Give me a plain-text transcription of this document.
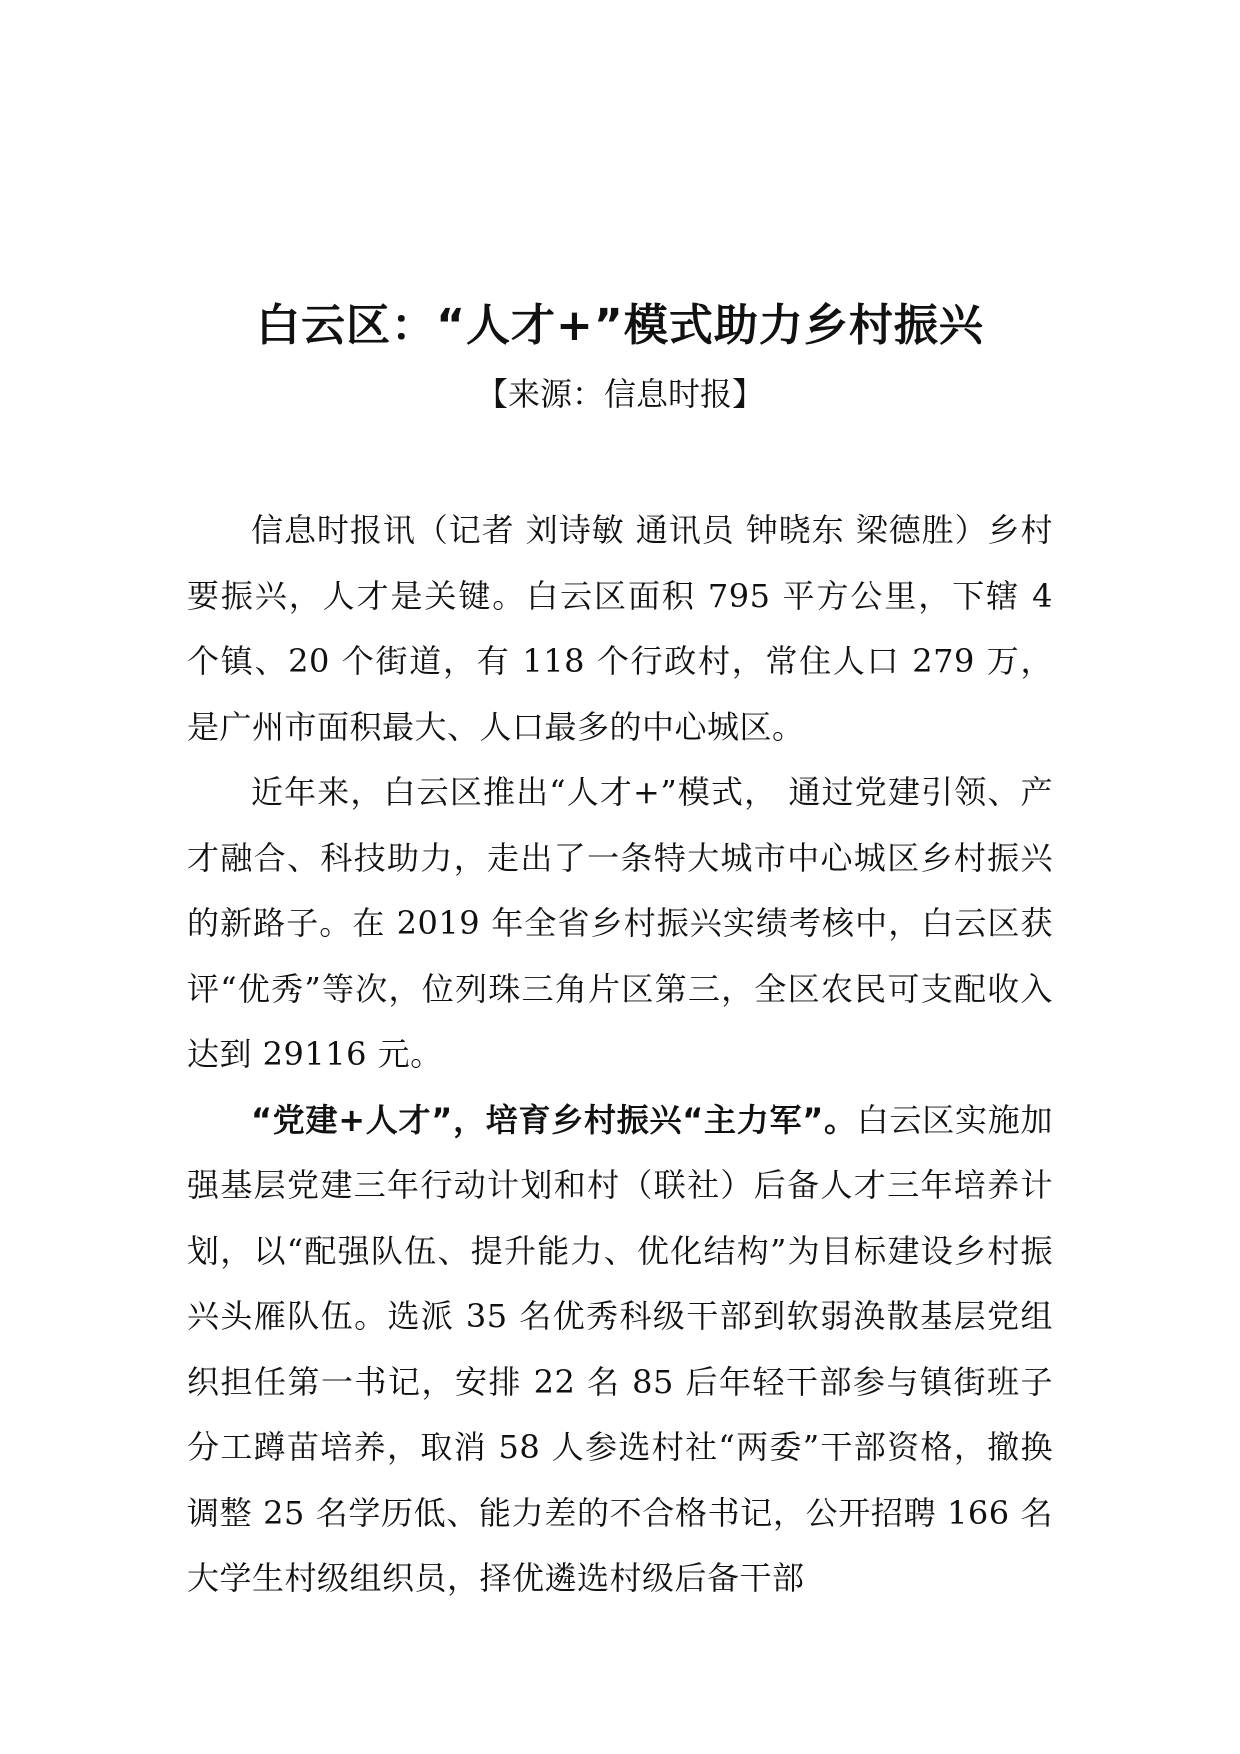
白云区：“人才+”模式助力乡村振兴
【来源：信息时报】

信息时报讯（记者 刘诗敏 通讯员 钟晓东 梁德胜）乡村要振兴，人才是关键。白云区面积 795 平方公里，下辖 4 个镇、20 个街道，有 118 个行政村，常住人口 279 万，是广州市面积最大、人口最多的中心城区。

近年来，白云区推出“人才+”模式， 通过党建引领、产才融合、科技助力，走出了一条特大城市中心城区乡村振兴的新路子。在 2019 年全省乡村振兴实绩考核中，白云区获评“优秀”等次，位列珠三角片区第三，全区农民可支配收入达到 29116 元。

“党建+人才”，培育乡村振兴“主力军”。白云区实施加强基层党建三年行动计划和村（联社）后备人才三年培养计划，以“配强队伍、提升能力、优化结构”为目标建设乡村振兴头雁队伍。选派 35 名优秀科级干部到软弱涣散基层党组织担任第一书记，安排 22 名 85 后年轻干部参与镇街班子分工蹲苗培养，取消 58 人参选村社“两委”干部资格，撤换调整 25 名学历低、能力差的不合格书记，公开招聘 166 名大学生村级组织员，择优遴选村级后备干部
